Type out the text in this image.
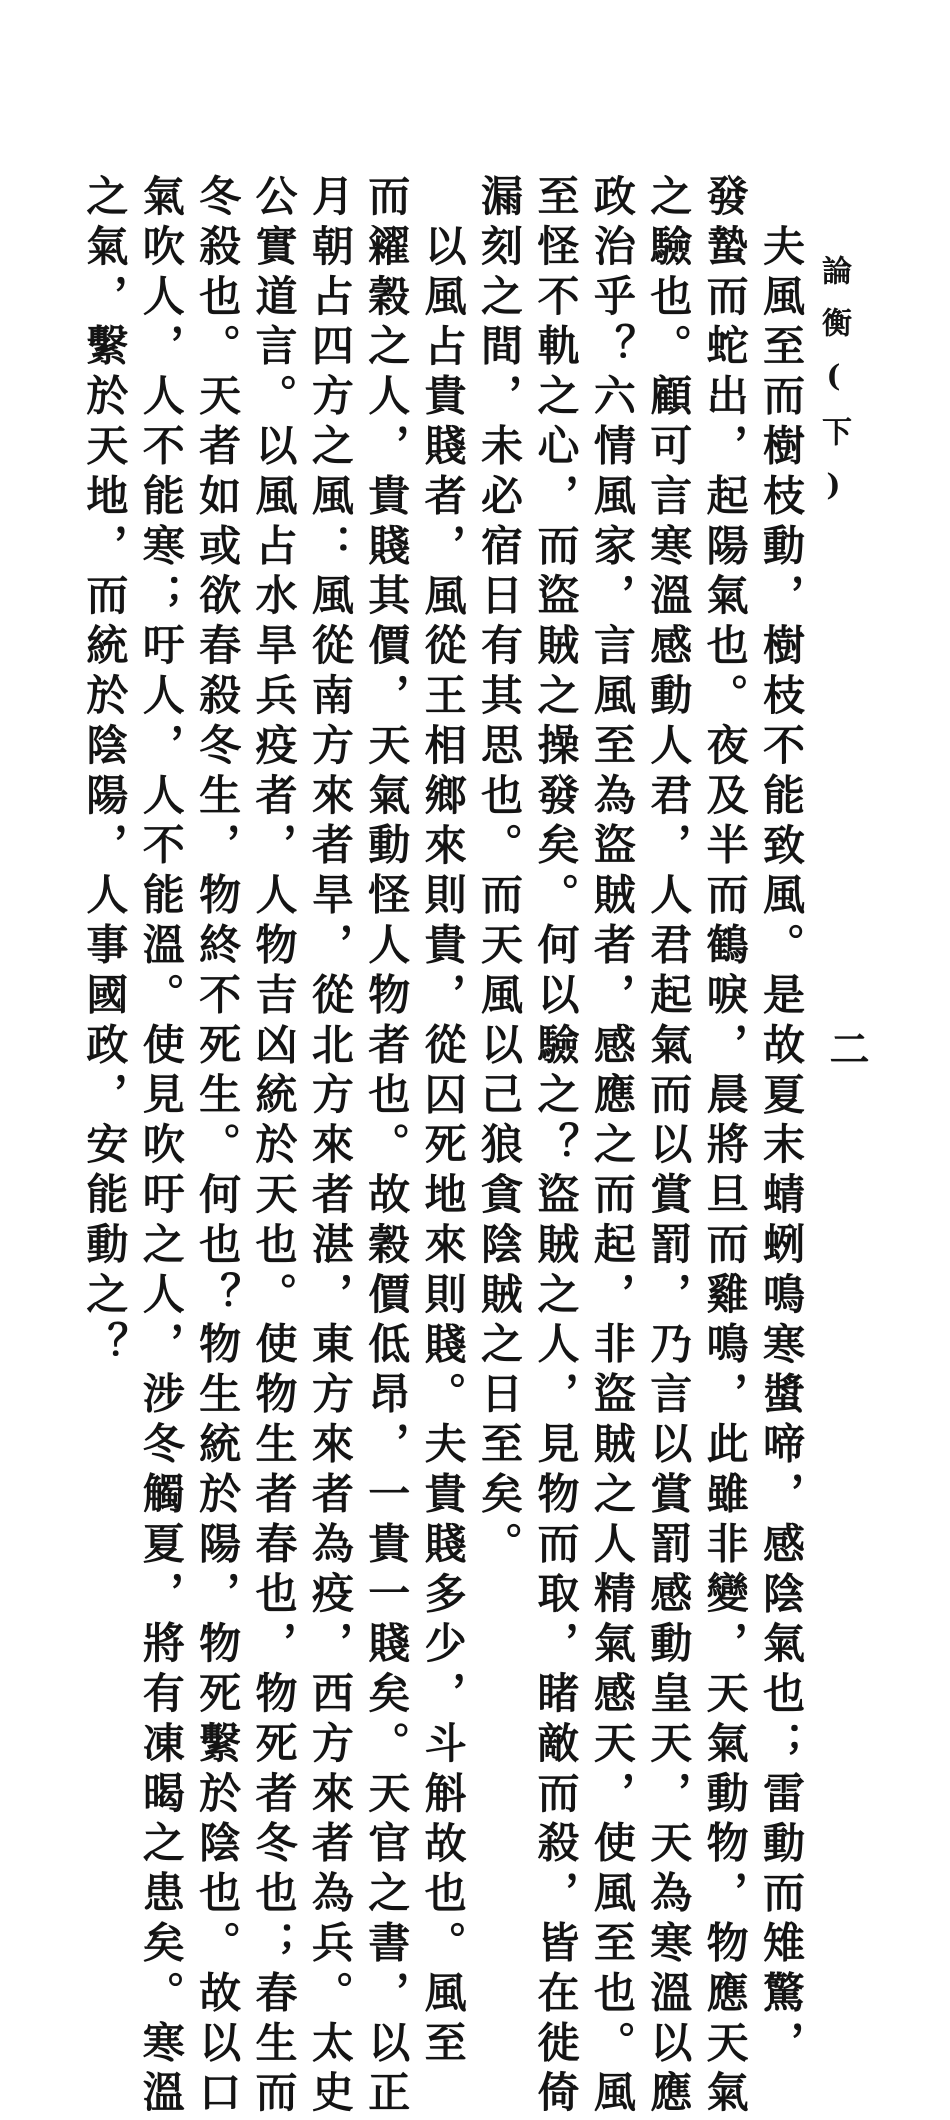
論衡(下)
二
夫風至而樹枝動，樹枝不能致風。是故夏末蜻蛚鳴寒螿啼，感陰氣也；雷動而雉驚，
發蟄而蛇出，起陽氣也。夜及半而鶴唳，晨將旦而雞鳴，此雖非變，天氣動物，物應天氣
之驗也。顧可言寒溫感動人君，人君起氣而以賞罰，乃言以賞罰感動皇天，天為寒溫以應
政治乎？六情風家，言風至為盜賊者，感應之而起，非盜賊之人精氣感天，使風至也。風
至怪不軌之心，而盜賊之操發矣。何以驗之？盜賊之人，見物而取，睹敵而殺，皆在徙倚
漏刻之間，未必宿日有其思也。而天風以己狼貪陰賊之日至矣。
以風占貴賤者，風從王相鄉來則貴，從囚死地來則賤。夫貴賤多少，斗斛故也。風至
而糴穀之人，貴賤其價，天氣動怪人物者也。故穀價低昂，一貴一賤矣。天官之書，以正
月朝占四方之風：風從南方來者旱，從北方來者湛，東方來者為疫，西方來者為兵。太史
公實道言。以風占水旱兵疫者，人物吉凶統於天也。使物生者春也，物死者冬也；春生而
冬殺也。天者如或欲春殺冬生，物終不死生。何也？物生統於陽，物死繫於陰也。故以口
氣吹人，人不能寒；吁人，人不能溫。使見吹吁之人，涉冬觸夏，將有凍暍之患矣。寒溫
之氣，繫於天地，而統於陰陽，人事國政，安能動之？
